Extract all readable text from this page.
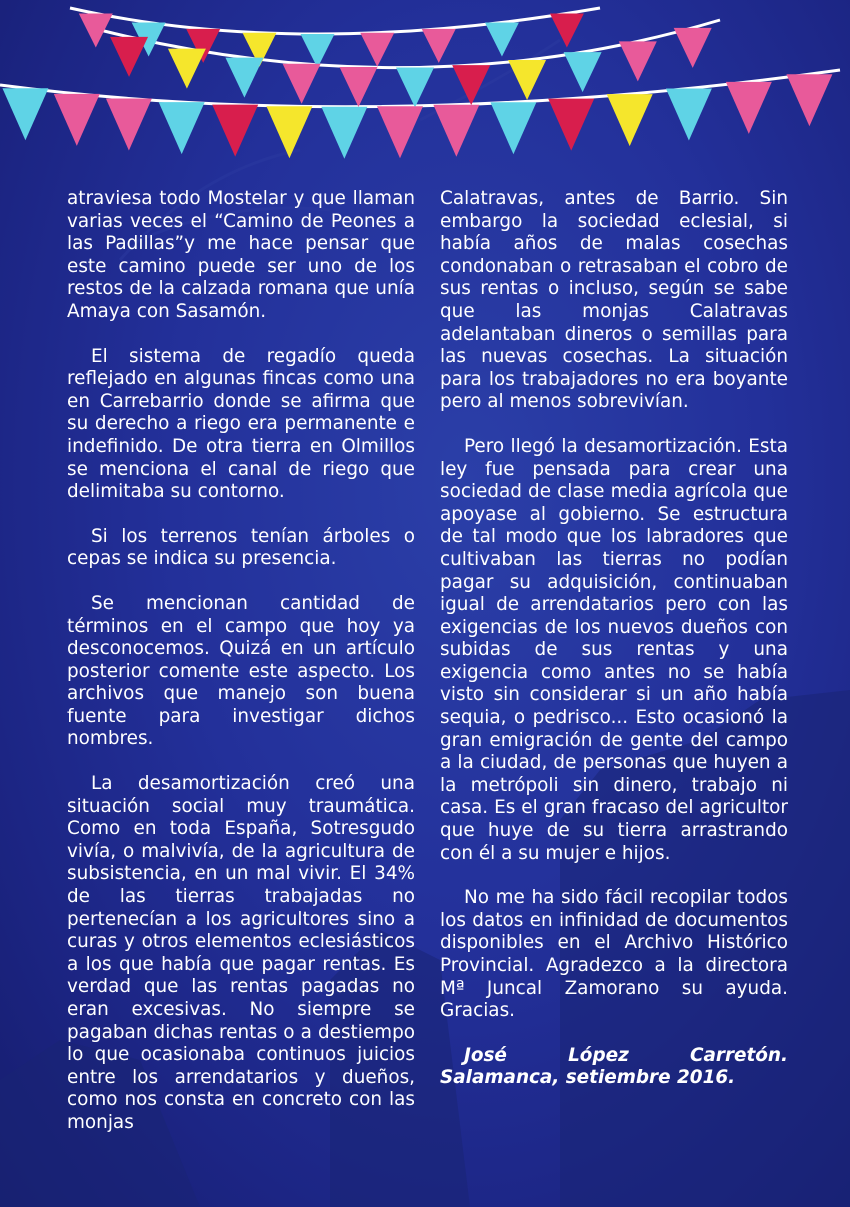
atraviesa todo Mostelar y que llaman varias veces el “Camino de Peones a las Padillas”y me hace pensar que este camino puede ser uno de los restos de la calzada romana que unía Amaya con Sasamón.

El sistema de regadío queda reflejado en algunas fincas como una en Carrebarrio donde se afirma que su derecho a riego era permanente e indefinido. De otra tierra en Olmillos se menciona el canal de riego que delimitaba su contorno.

Si los terrenos tenían árboles o cepas se indica su presencia.

Se mencionan cantidad de términos en el campo que hoy ya desconocemos. Quizá en un artículo posterior comente este aspecto. Los archivos que manejo son buena fuente para investigar dichos nombres.

La desamortización creó una situación social muy traumática. Como en toda España, Sotresgudo vivía, o malvivía, de la agricultura de subsistencia, en un mal vivir. El 34% de las tierras trabajadas no pertenecían a los agricultores sino a curas y otros elementos eclesiásticos a los que había que pagar rentas. Es verdad que las rentas pagadas no eran excesivas. No siempre se pagaban dichas rentas o a destiempo lo que ocasionaba continuos juicios entre los arrendatarios y dueños, como nos consta en concreto con las monjas

Calatravas, antes de Barrio. Sin embargo la sociedad eclesial, si había años de malas cosechas condonaban o retrasaban el cobro de sus rentas o incluso, según se sabe que las monjas Calatravas adelantaban dineros o semillas para las nuevas cosechas. La situación para los trabajadores no era boyante pero al menos sobrevivían.

Pero llegó la desamortización. Esta ley fue pensada para crear una sociedad de clase media agrícola que apoyase al gobierno. Se estructura de tal modo que los labradores que cultivaban las tierras no podían pagar su adquisición, continuaban igual de arrendatarios pero con las exigencias de los nuevos dueños con subidas de sus rentas y una exigencia como antes no se había visto sin considerar si un año había sequia, o pedrisco... Esto ocasionó la gran emigración de gente del campo a la ciudad, de personas que huyen a la metrópoli sin dinero, trabajo ni casa. Es el gran fracaso del agricultor que huye de su tierra arrastrando con él a su mujer e hijos.

No me ha sido fácil recopilar todos los datos en infinidad de documentos disponibles en el Archivo Histórico Provincial. Agradezco a la directora Mª Juncal Zamorano su ayuda. Gracias.

José López Carretón. Salamanca, setiembre 2016.
